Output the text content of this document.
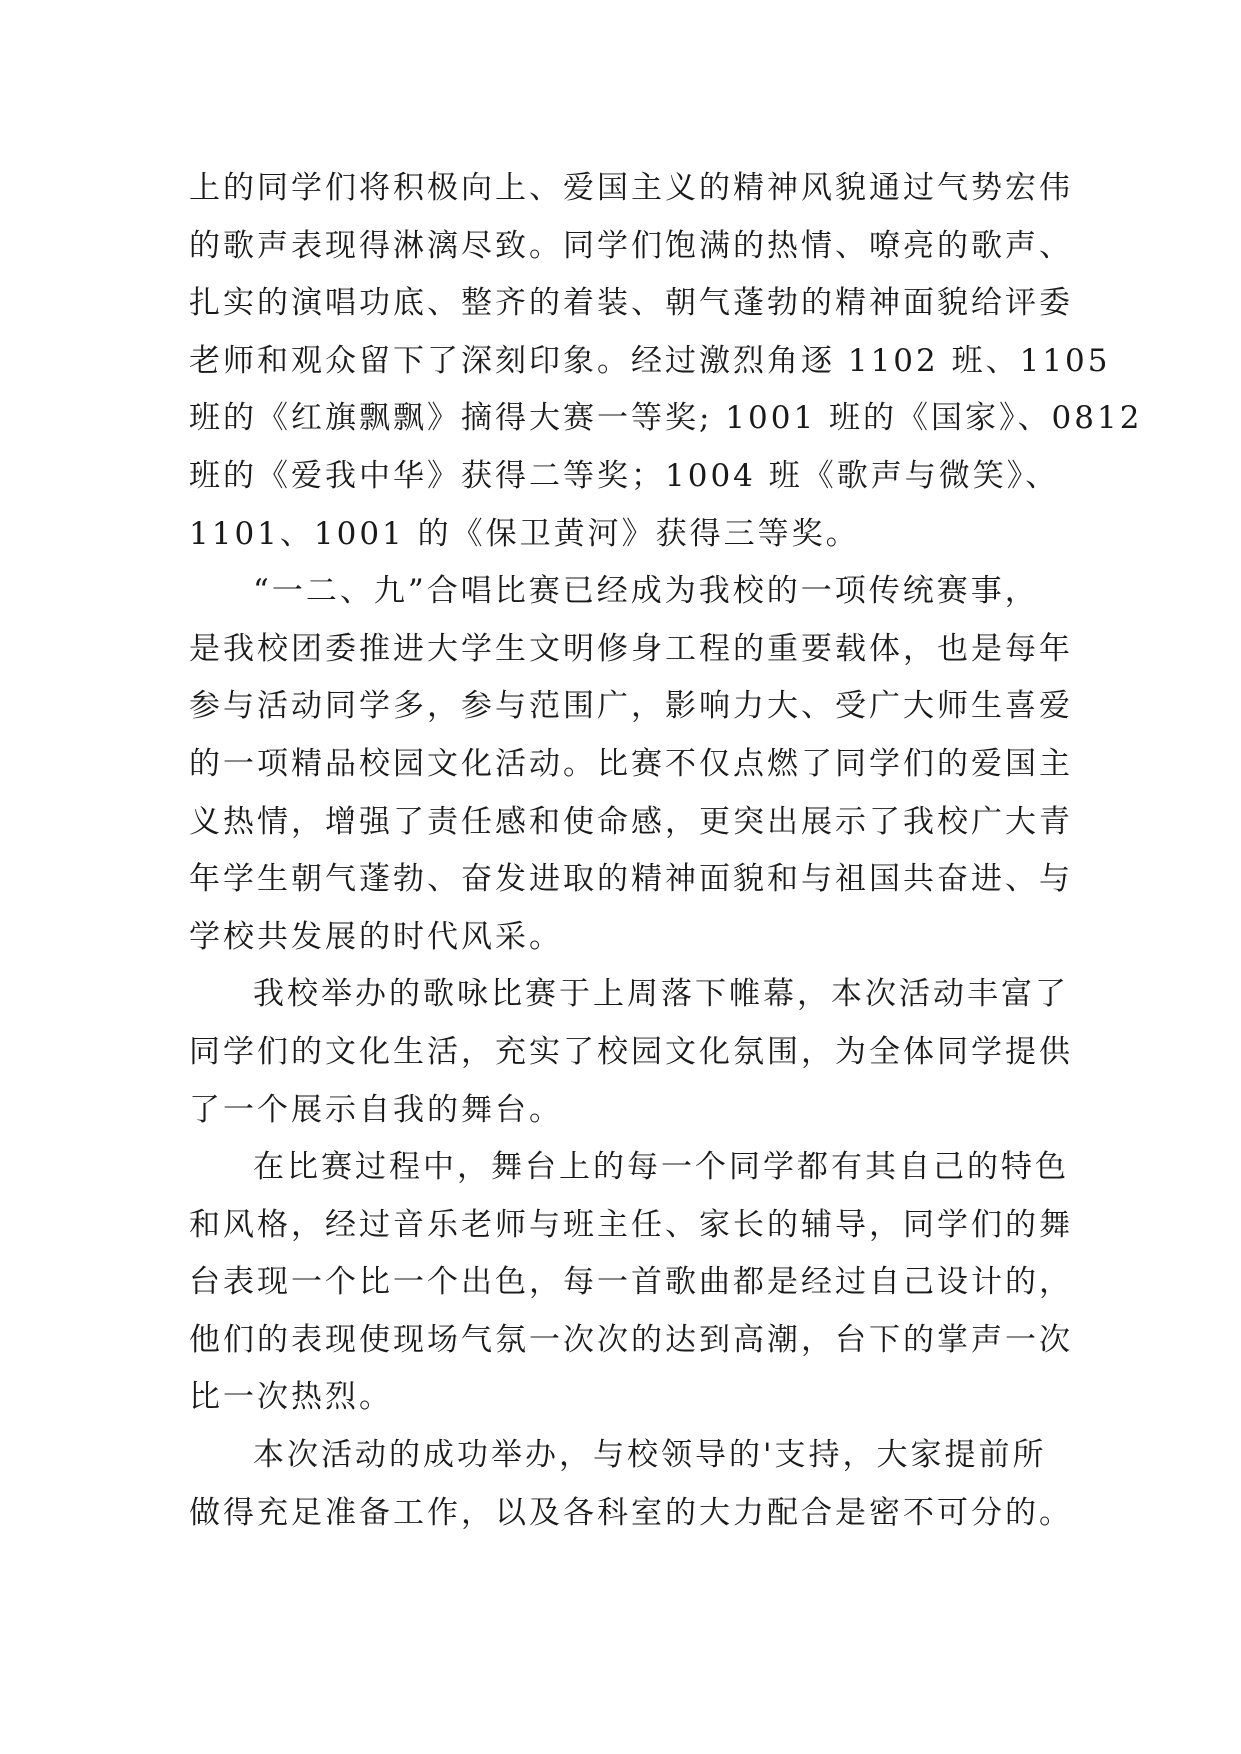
上的同学们将积极向上、爱国主义的精神风貌通过气势宏伟
的歌声表现得淋漓尽致。同学们饱满的热情、嘹亮的歌声、
扎实的演唱功底、整齐的着装、朝气蓬勃的精神面貌给评委
老师和观众留下了深刻印象。经过激烈角逐 1102 班、1105
班的《红旗飘飘》摘得大赛一等奖; 1001 班的《国家》、0812
班的《爱我中华》获得二等奖；1004 班《歌声与微笑》、
1101、1001 的《保卫黄河》获得三等奖。
“一二、九”合唱比赛已经成为我校的一项传统赛事，
是我校团委推进大学生文明修身工程的重要载体，也是每年
参与活动同学多，参与范围广，影响力大、受广大师生喜爱
的一项精品校园文化活动。比赛不仅点燃了同学们的爱国主
义热情，增强了责任感和使命感，更突出展示了我校广大青
年学生朝气蓬勃、奋发进取的精神面貌和与祖国共奋进、与
学校共发展的时代风采。
我校举办的歌咏比赛于上周落下帷幕，本次活动丰富了
同学们的文化生活，充实了校园文化氛围，为全体同学提供
了一个展示自我的舞台。
在比赛过程中，舞台上的每一个同学都有其自己的特色
和风格，经过音乐老师与班主任、家长的辅导，同学们的舞
台表现一个比一个出色，每一首歌曲都是经过自己设计的，
他们的表现使现场气氛一次次的达到高潮，台下的掌声一次
比一次热烈。
本次活动的成功举办，与校领导的'支持，大家提前所
做得充足准备工作，以及各科室的大力配合是密不可分的。
